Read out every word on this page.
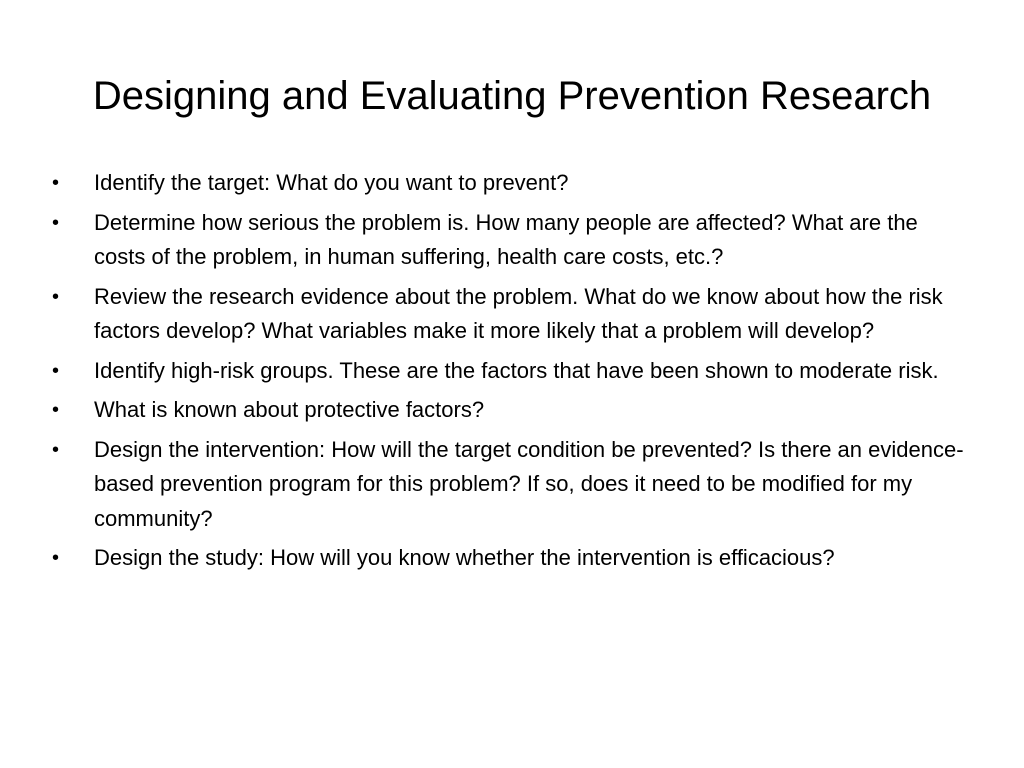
Designing and Evaluating Prevention Research
•	Identify the target: What do you want to prevent?
•	Determine how serious the problem is. How many people are affected? What are the costs of the problem, in human suffering, health care costs, etc.?
•	Review the research evidence about the problem. What do we know about how the risk factors develop? What variables make it more likely that a problem will develop?
•	Identify high-risk groups. These are the factors that have been shown to moderate risk.
•	What is known about protective factors?
•	Design the intervention: How will the target condition be prevented? Is there an evidence-based prevention program for this problem? If so, does it need to be modified for my community?
•	Design the study: How will you know whether the intervention is efficacious?
